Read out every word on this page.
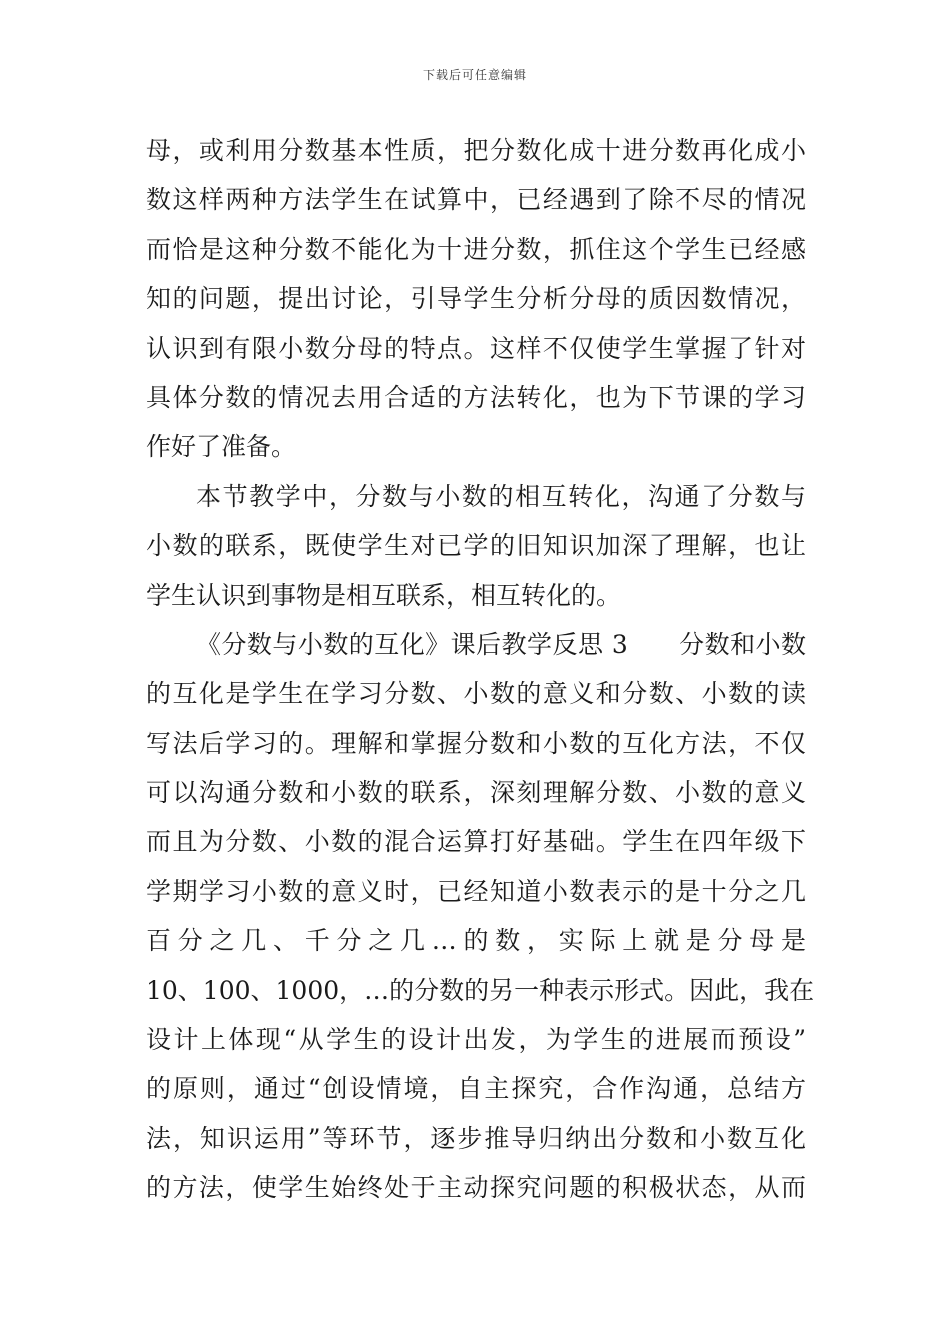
下载后可任意编辑
母，或利用分数基本性质，把分数化成十进分数再化成小
数这样两种方法学生在试算中，已经遇到了除不尽的情况
而恰是这种分数不能化为十进分数，抓住这个学生已经感
知的问题，提出讨论，引导学生分析分母的质因数情况，
认识到有限小数分母的特点。这样不仅使学生掌握了针对
具体分数的情况去用合适的方法转化，也为下节课的学习
作好了准备。
本节教学中，分数与小数的相互转化，沟通了分数与
小数的联系，既使学生对已学的旧知识加深了理解，也让
学生认识到事物是相互联系，相互转化的。
《分数与小数的互化》课后教学反思 3　　分数和小数
的互化是学生在学习分数、小数的意义和分数、小数的读
写法后学习的。理解和掌握分数和小数的互化方法，不仅
可以沟通分数和小数的联系，深刻理解分数、小数的意义
而且为分数、小数的混合运算打好基础。学生在四年级下
学期学习小数的意义时，已经知道小数表示的是十分之几
百分之几、千分之几…的数，实际上就是分母是
10、100、1000，…的分数的另一种表示形式。因此，我在
设计上体现“从学生的设计出发，为学生的进展而预设”
的原则，通过“创设情境，自主探究，合作沟通，总结方
法，知识运用”等环节，逐步推导归纳出分数和小数互化
的方法，使学生始终处于主动探究问题的积极状态，从而
